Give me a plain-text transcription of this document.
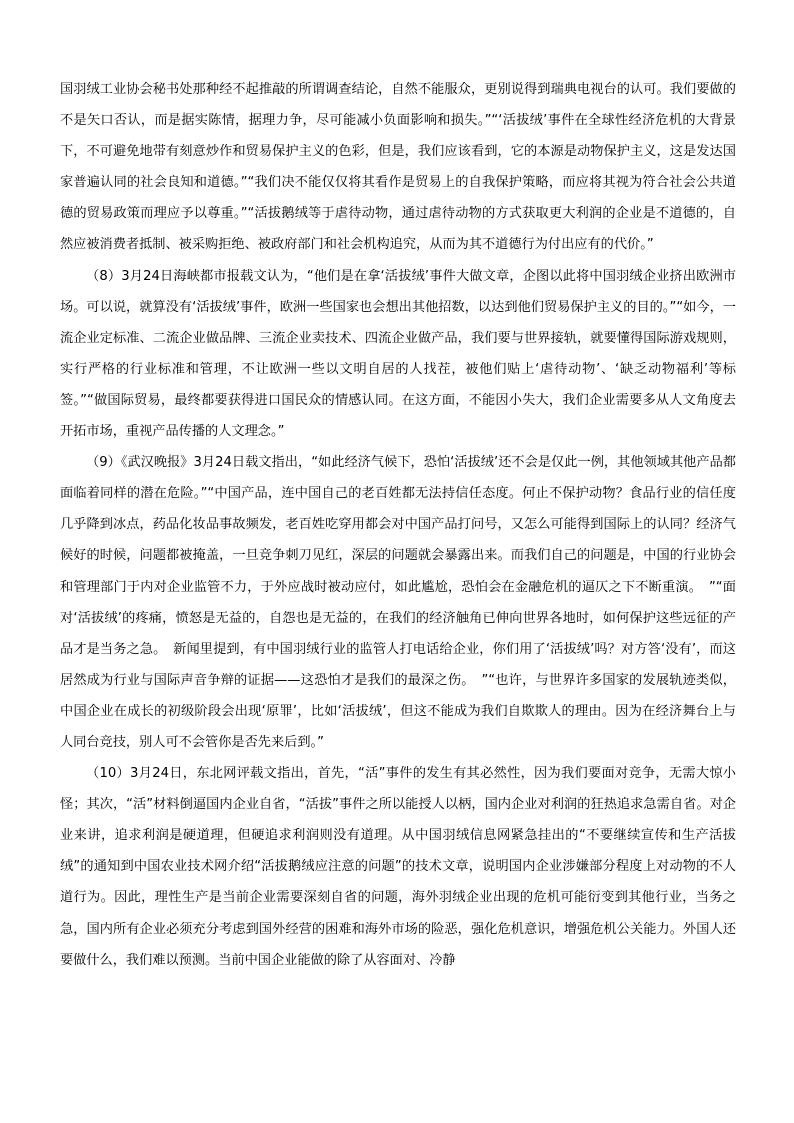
国羽绒工业协会秘书处那种经不起推敲的所谓调查结论，自然不能服众，更别说得到瑞典电视台的认可。我们要做的不是矢口否认，而是据实陈情，据理力争，尽可能减小负面影响和损失。”“‘活拔绒’事件在全球性经济危机的大背景下，不可避免地带有刻意炒作和贸易保护主义的色彩，但是，我们应该看到，它的本源是动物保护主义，这是发达国家普遍认同的社会良知和道德。”“我们决不能仅仅将其看作是贸易上的自我保护策略，而应将其视为符合社会公共道德的贸易政策而理应予以尊重。”“活拔鹅绒等于虐待动物，通过虐待动物的方式获取更大利润的企业是不道德的，自然应被消费者抵制、被采购拒绝、被政府部门和社会机构追究，从而为其不道德行为付出应有的代价。”

（8）3月24日海峡都市报载文认为，“他们是在拿‘活拔绒’事件大做文章，企图以此将中国羽绒企业挤出欧洲市场。可以说，就算没有‘活拔绒’事件，欧洲一些国家也会想出其他招数，以达到他们贸易保护主义的目的。”“如今，一流企业定标准、二流企业做品牌、三流企业卖技术、四流企业做产品，我们要与世界接轨，就要懂得国际游戏规则，实行严格的行业标准和管理，不让欧洲一些以文明自居的人找茬，被他们贴上‘虐待动物’、‘缺乏动物福利’等标签。”“做国际贸易，最终都要获得进口国民众的情感认同。在这方面，不能因小失大，我们企业需要多从人文角度去开拓市场，重视产品传播的人文理念。”

（9）《武汉晚报》3月24日载文指出，“如此经济气候下，恐怕‘活拔绒’还不会是仅此一例，其他领域其他产品都面临着同样的潜在危险。”“中国产品，连中国自己的老百姓都无法持信任态度。何止不保护动物？食品行业的信任度几乎降到冰点，药品化妆品事故频发，老百姓吃穿用都会对中国产品打问号，又怎么可能得到国际上的认同？经济气候好的时候，问题都被掩盖，一旦竞争刺刀见红，深层的问题就会暴露出来。而我们自己的问题是，中国的行业协会和管理部门于内对企业监管不力，于外应战时被动应付，如此尴尬，恐怕会在金融危机的逼仄之下不断重演。　”“面对‘活拔绒’的疼痛，愤怒是无益的，自怨也是无益的，在我们的经济触角已伸向世界各地时，如何保护这些远征的产品才是当务之急。　新闻里提到，有中国羽绒行业的监管人打电话给企业，你们用了‘活拔绒’吗？对方答‘没有’，而这居然成为行业与国际声音争辩的证据——这恐怕才是我们的最深之伤。　”“也许，与世界许多国家的发展轨迹类似，中国企业在成长的初级阶段会出现‘原罪’，比如‘活拔绒’，但这不能成为我们自欺欺人的理由。因为在经济舞台上与人同台竞技，别人可不会管你是否先来后到。”

（10）3月24日，东北网评载文指出，首先，“活”事件的发生有其必然性，因为我们要面对竞争，无需大惊小怪；其次，“活”材料倒逼国内企业自省，“活拔”事件之所以能授人以柄，国内企业对利润的狂热追求急需自省。对企业来讲，追求利润是硬道理，但硬追求利润则没有道理。从中国羽绒信息网紧急挂出的“不要继续宣传和生产活拔绒”的通知到中国农业技术网介绍“活拔鹅绒应注意的问题”的技术文章，说明国内企业涉嫌部分程度上对动物的不人道行为。因此，理性生产是当前企业需要深刻自省的问题，海外羽绒企业出现的危机可能衍变到其他行业，当务之急，国内所有企业必须充分考虑到国外经营的困难和海外市场的险恶，强化危机意识，增强危机公关能力。外国人还要做什么，我们难以预测。当前中国企业能做的除了从容面对、冷静
